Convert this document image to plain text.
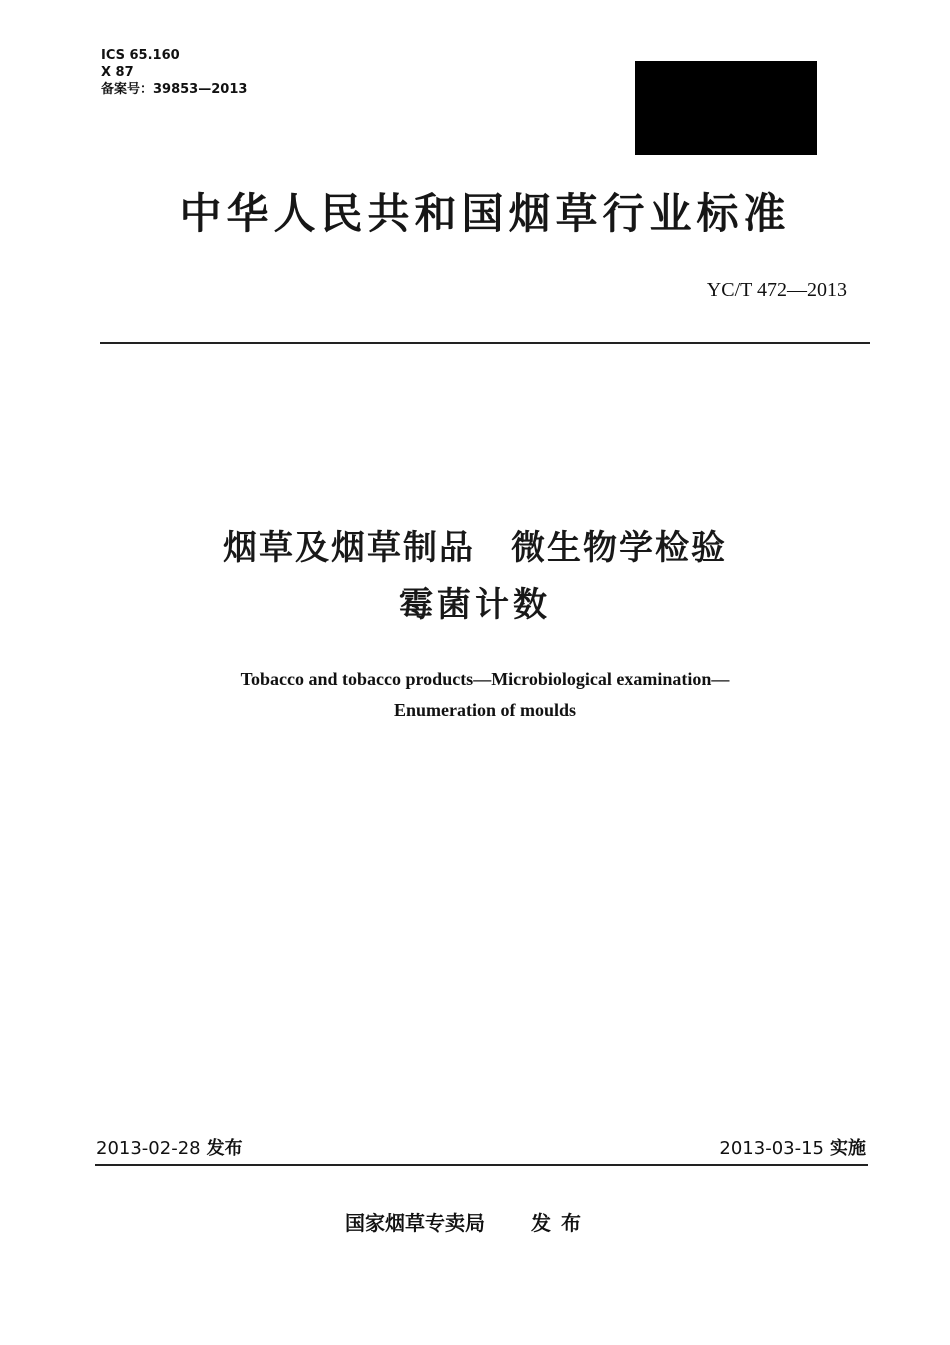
ICS 65.160
X 87
备案号：39853—2013
中华人民共和国烟草行业标准
YC/T 472—2013
烟草及烟草制品　微生物学检验
霉菌计数
Tobacco and tobacco products—Microbiological examination—
Enumeration of moulds
2013-02-28 发布	2013-03-15 实施
国家烟草专卖局 发布
